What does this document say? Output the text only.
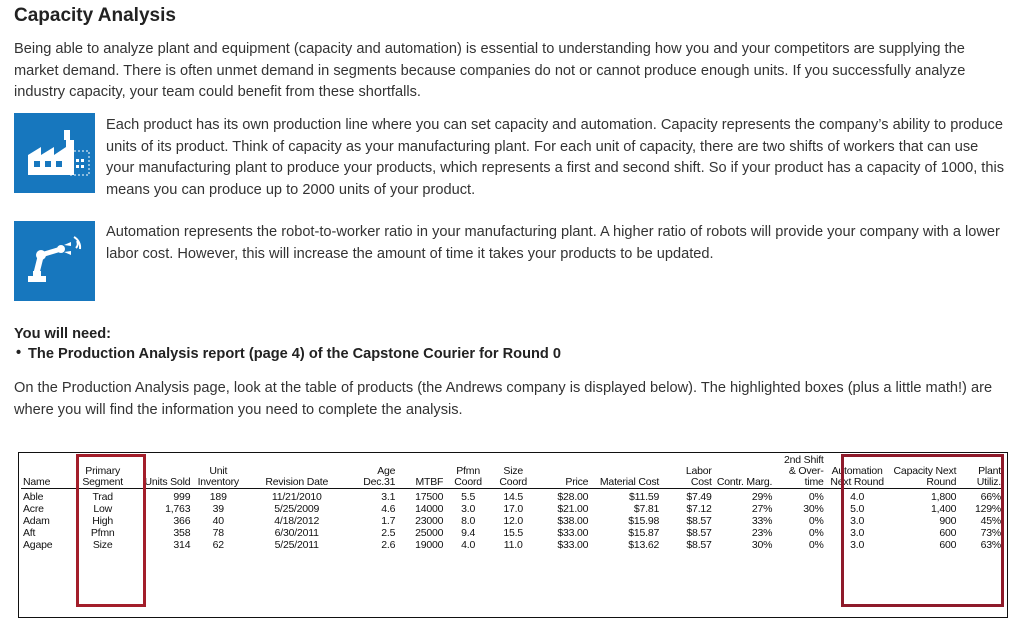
Capacity Analysis
Being able to analyze plant and equipment (capacity and automation) is essential to understanding how you and your competitors are supplying the market demand. There is often unmet demand in segments because companies do not or cannot produce enough units. If you successfully analyze industry capacity, your team could benefit from these shortfalls.
Each product has its own production line where you can set capacity and automation. Capacity represents the company’s ability to produce units of its product. Think of capacity as your manufacturing plant. For each unit of capacity, there are two shifts of workers that can use your manufacturing plant to produce your products, which represents a first and second shift. So if your product has a capacity of 1000, this means you can produce up to 2000 units of your product.
Automation represents the robot-to-worker ratio in your manufacturing plant. A higher ratio of robots will provide your company with a lower labor cost. However, this will increase the amount of time it takes your products to be updated.
You will need:
• The Production Analysis report (page 4) of the Capstone Courier for Round 0
On the Production Analysis page, look at the table of products (the Andrews company is displayed below). The highlighted boxes (plus a little math!) are where you will find the information you need to complete the analysis.
Name	Primary Segment	Units Sold	Unit Inventory	Revision Date	Age Dec.31	MTBF	Pfmn Coord	Size Coord	Price	Material Cost	Labor Cost	Contr. Marg.	2nd Shift & Over-time	Automation Next Round	Capacity Next Round	Plant Utiliz.
Able	Trad	999	189	11/21/2010	3.1	17500	5.5	14.5	$28.00	$11.59	$7.49	29%	0%	4.0	1,800	66%
Acre	Low	1,763	39	5/25/2009	4.6	14000	3.0	17.0	$21.00	$7.81	$7.12	27%	30%	5.0	1,400	129%
Adam	High	366	40	4/18/2012	1.7	23000	8.0	12.0	$38.00	$15.98	$8.57	33%	0%	3.0	900	45%
Aft	Pfmn	358	78	6/30/2011	2.5	25000	9.4	15.5	$33.00	$15.87	$8.57	23%	0%	3.0	600	73%
Agape	Size	314	62	5/25/2011	2.6	19000	4.0	11.0	$33.00	$13.62	$8.57	30%	0%	3.0	600	63%
